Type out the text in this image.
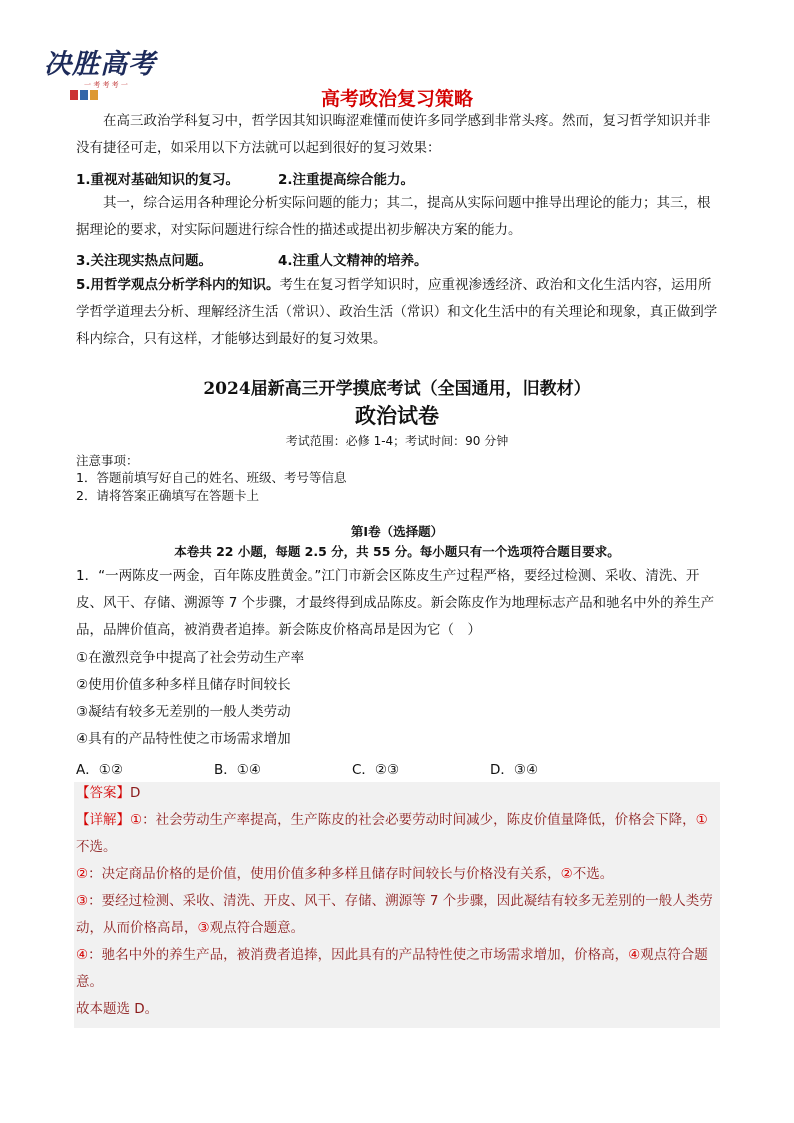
决胜高考
一 考 考 考 一
高考政治复习策略
在高三政治学科复习中，哲学因其知识晦涩难懂而使许多同学感到非常头疼。然而，复习哲学知识并非没有捷径可走，如采用以下方法就可以起到很好的复习效果：
1.重视对基础知识的复习。	2.注重提高综合能力。
其一，综合运用各种理论分析实际问题的能力；其二，提高从实际问题中推导出理论的能力；其三，根据理论的要求，对实际问题进行综合性的描述或提出初步解决方案的能力。
3.关注现实热点问题。	4.注重人文精神的培养。
5.用哲学观点分析学科内的知识。考生在复习哲学知识时，应重视渗透经济、政治和文化生活内容，运用所学哲学道理去分析、理解经济生活（常识）、政治生活（常识）和文化生活中的有关理论和现象，真正做到学科内综合，只有这样，才能够达到最好的复习效果。
2024届新高三开学摸底考试（全国通用，旧教材）
政治试卷
考试范围：必修 1-4；考试时间：90 分钟
注意事项：
1．答题前填写好自己的姓名、班级、考号等信息
2．请将答案正确填写在答题卡上
第Ⅰ卷（选择题）
本卷共 22 小题，每题 2.5 分，共 55 分。每小题只有一个选项符合题目要求。
1．“一两陈皮一两金，百年陈皮胜黄金。”江门市新会区陈皮生产过程严格，要经过检测、采收、清洗、开皮、风干、存储、溯源等 7 个步骤，才最终得到成品陈皮。新会陈皮作为地理标志产品和驰名中外的养生产品，品牌价值高，被消费者追捧。新会陈皮价格高昂是因为它（　）
①在激烈竞争中提高了社会劳动生产率
②使用价值多种多样且储存时间较长
③凝结有较多无差别的一般人类劳动
④具有的产品特性使之市场需求增加
A．①②	B．①④	C．②③	D．③④
【答案】D
【详解】①：社会劳动生产率提高，生产陈皮的社会必要劳动时间减少，陈皮价值量降低，价格会下降，①不选。
②：决定商品价格的是价值，使用价值多种多样且储存时间较长与价格没有关系，②不选。
③：要经过检测、采收、清洗、开皮、风干、存储、溯源等 7 个步骤，因此凝结有较多无差别的一般人类劳动，从而价格高昂，③观点符合题意。
④：驰名中外的养生产品，被消费者追捧，因此具有的产品特性使之市场需求增加，价格高，④观点符合题意。
故本题选 D。
